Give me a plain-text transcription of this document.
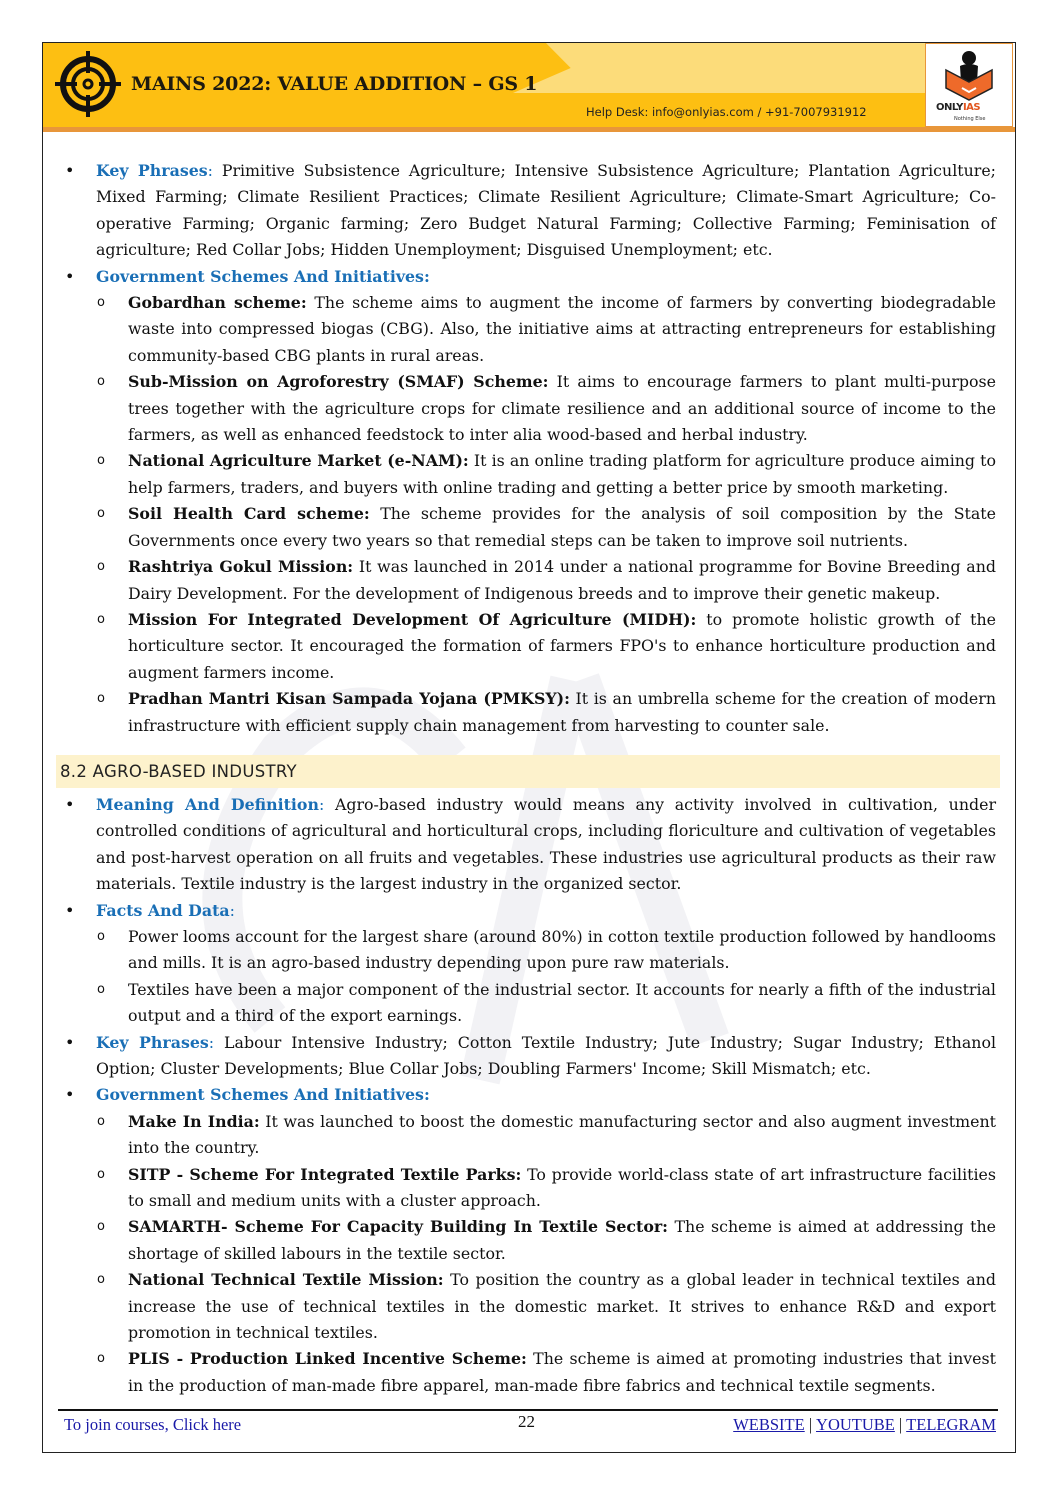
MAINS 2022: VALUE ADDITION – GS 1
Help Desk: info@onlyias.com / +91-7007931912	ONLYIAS
Nothing Else
• Key Phrases: Primitive Subsistence Agriculture; Intensive Subsistence Agriculture; Plantation Agriculture; Mixed Farming; Climate Resilient Practices; Climate Resilient Agriculture; Climate-Smart Agriculture; Co-operative Farming; Organic farming; Zero Budget Natural Farming; Collective Farming; Feminisation of agriculture; Red Collar Jobs; Hidden Unemployment; Disguised Unemployment; etc.
• Government Schemes And Initiatives:
o Gobardhan scheme: The scheme aims to augment the income of farmers by converting biodegradable waste into compressed biogas (CBG). Also, the initiative aims at attracting entrepreneurs for establishing community-based CBG plants in rural areas.
o Sub-Mission on Agroforestry (SMAF) Scheme: It aims to encourage farmers to plant multi-purpose trees together with the agriculture crops for climate resilience and an additional source of income to the farmers, as well as enhanced feedstock to inter alia wood-based and herbal industry.
o National Agriculture Market (e-NAM): It is an online trading platform for agriculture produce aiming to help farmers, traders, and buyers with online trading and getting a better price by smooth marketing.
o Soil Health Card scheme: The scheme provides for the analysis of soil composition by the State Governments once every two years so that remedial steps can be taken to improve soil nutrients.
o Rashtriya Gokul Mission: It was launched in 2014 under a national programme for Bovine Breeding and Dairy Development. For the development of Indigenous breeds and to improve their genetic makeup.
o Mission For Integrated Development Of Agriculture (MIDH): to promote holistic growth of the horticulture sector. It encouraged the formation of farmers FPO's to enhance horticulture production and augment farmers income.
o Pradhan Mantri Kisan Sampada Yojana (PMKSY): It is an umbrella scheme for the creation of modern infrastructure with efficient supply chain management from harvesting to counter sale.
8.2 AGRO-BASED INDUSTRY
• Meaning And Definition: Agro-based industry would means any activity involved in cultivation, under controlled conditions of agricultural and horticultural crops, including floriculture and cultivation of vegetables and post-harvest operation on all fruits and vegetables. These industries use agricultural products as their raw materials. Textile industry is the largest industry in the organized sector.
• Facts And Data:
o Power looms account for the largest share (around 80%) in cotton textile production followed by handlooms and mills. It is an agro-based industry depending upon pure raw materials.
o Textiles have been a major component of the industrial sector. It accounts for nearly a fifth of the industrial output and a third of the export earnings.
• Key Phrases: Labour Intensive Industry; Cotton Textile Industry; Jute Industry; Sugar Industry; Ethanol Option; Cluster Developments; Blue Collar Jobs; Doubling Farmers' Income; Skill Mismatch; etc.
• Government Schemes And Initiatives:
o Make In India: It was launched to boost the domestic manufacturing sector and also augment investment into the country.
o SITP - Scheme For Integrated Textile Parks: To provide world-class state of art infrastructure facilities to small and medium units with a cluster approach.
o SAMARTH- Scheme For Capacity Building In Textile Sector: The scheme is aimed at addressing the shortage of skilled labours in the textile sector.
o National Technical Textile Mission: To position the country as a global leader in technical textiles and increase the use of technical textiles in the domestic market. It strives to enhance R&D and export promotion in technical textiles.
o PLIS - Production Linked Incentive Scheme: The scheme is aimed at promoting industries that invest in the production of man-made fibre apparel, man-made fibre fabrics and technical textile segments.
To join courses, Click here	22	WEBSITE | YOUTUBE | TELEGRAM
